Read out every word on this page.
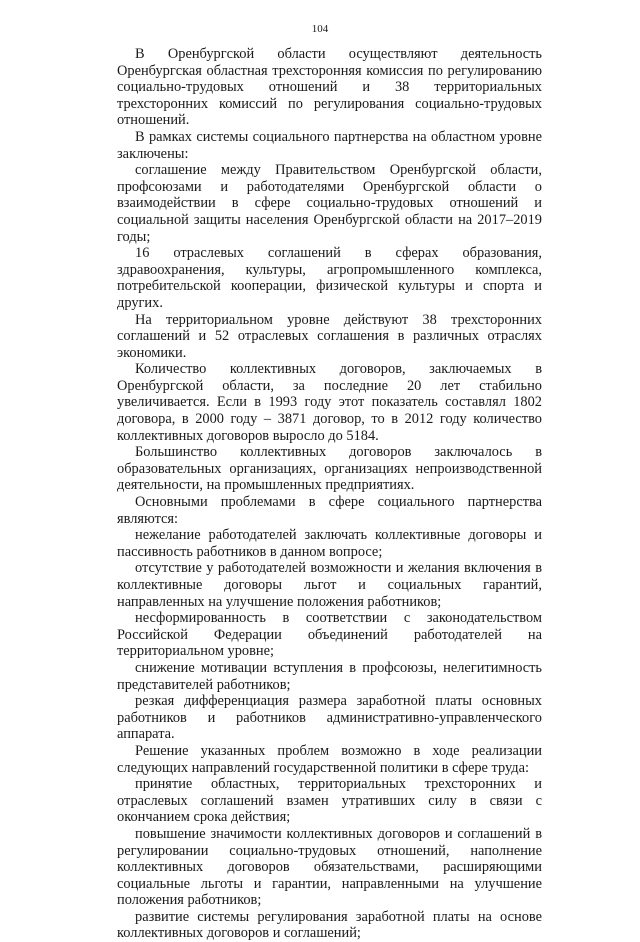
104

В Оренбургской области осуществляют деятельность Оренбургская областная трехсторонняя комиссия по регулированию социально-трудовых отношений и 38 территориальных трехсторонних комиссий по регулирования социально-трудовых отношений.

В рамках системы социального партнерства на областном уровне заключены:

соглашение между Правительством Оренбургской области, профсоюзами и работодателями Оренбургской области о взаимодействии в сфере социально-трудовых отношений и социальной защиты населения Оренбургской области на 2017–2019 годы;

16 отраслевых соглашений в сферах образования, здравоохранения, культуры, агропромышленного комплекса, потребительской кооперации, физической культуры и спорта и других.

На территориальном уровне действуют 38 трехсторонних соглашений и 52 отраслевых соглашения в различных отраслях экономики.

Количество коллективных договоров, заключаемых в Оренбургской области, за последние 20 лет стабильно увеличивается. Если в 1993 году этот показатель составлял 1802 договора, в 2000 году – 3871 договор, то в 2012 году количество коллективных договоров выросло до 5184.

Большинство коллективных договоров заключалось в образовательных организациях, организациях непроизводственной деятельности, на промышленных предприятиях.

Основными проблемами в сфере социального партнерства являются:

нежелание работодателей заключать коллективные договоры и пассивность работников в данном вопросе;

отсутствие у работодателей возможности и желания включения в коллективные договоры льгот и социальных гарантий, направленных на улучшение положения работников;

несформированность в соответствии с законодательством Российской Федерации объединений работодателей на территориальном уровне;

снижение мотивации вступления в профсоюзы, нелегитимность представителей работников;

резкая дифференциация размера заработной платы основных работников и работников административно-управленческого аппарата.

Решение указанных проблем возможно в ходе реализации следующих направлений государственной политики в сфере труда:

принятие областных, территориальных трехсторонних и отраслевых соглашений взамен утративших силу в связи с окончанием срока действия;

повышение значимости коллективных договоров и соглашений в регулировании социально-трудовых отношений, наполнение коллективных договоров обязательствами, расширяющими социальные льготы и гарантии, направленными на улучшение положения работников;

развитие системы регулирования заработной платы на основе коллективных договоров и соглашений;
